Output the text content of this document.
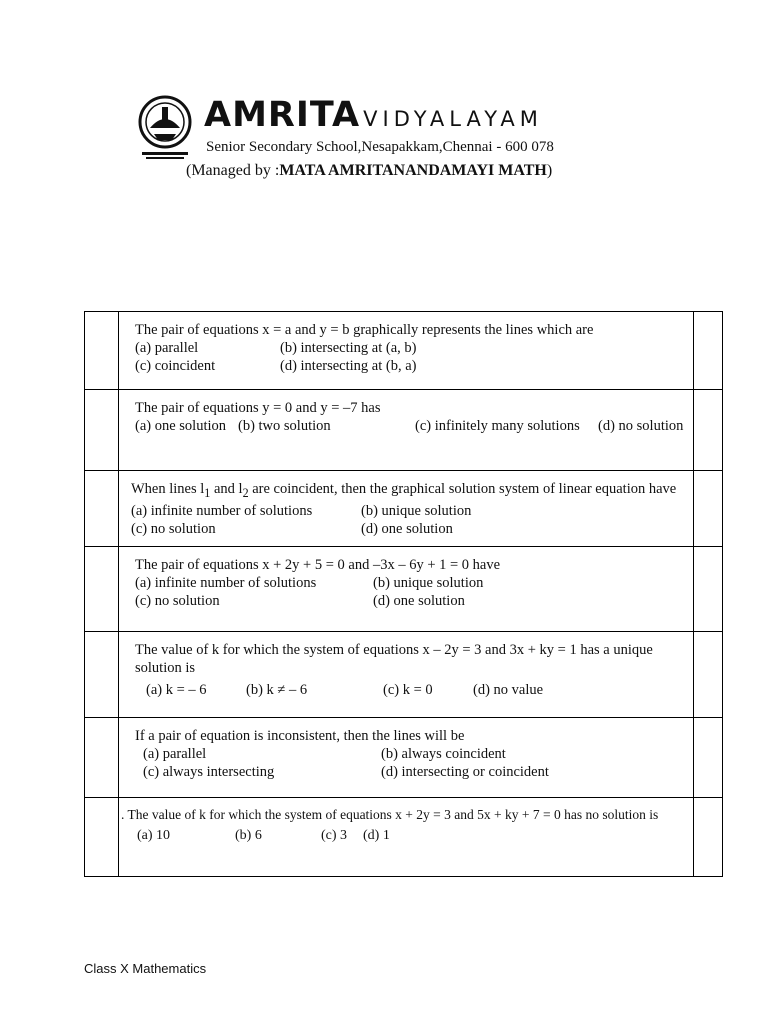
AMRITA VIDYALAYAM
Senior Secondary School,Nesapakkam,Chennai - 600 078
(Managed by :MATA AMRITANANDAMAYI MATH)

	The pair of equations x = a and y = b graphically represents the lines which are
(a) parallel (b) intersecting at (a, b)
(c) coincident (d) intersecting at (b, a)	

	The pair of equations y = 0 and y = –7 has
(a) one solution (b) two solution (c) infinitely many solutions (d) no solution	

	When lines $l_1$ and $l_2$ are coincident, then the graphical solution system of linear equation have
(a) infinite number of solutions (b) unique solution
(c) no solution (d) one solution	

	The pair of equations x + 2y + 5 = 0 and –3x – 6y + 1 = 0 have
(a) infinite number of solutions (b) unique solution
(c) no solution (d) one solution	

	The value of k for which the system of equations x – 2y = 3 and 3x + ky = 1 has a unique solution is
(a) k = – 6 (b) k ≠ – 6 (c) k = 0 (d) no value	

	If a pair of equation is inconsistent, then the lines will be
(a) parallel (b) always coincident
(c) always intersecting (d) intersecting or coincident	

	. The value of k for which the system of equations x + 2y = 3 and 5x + ky + 7 = 0 has no solution is
(a) 10 (b) 6 (c) 3 (d) 1	

Class X Mathematics
